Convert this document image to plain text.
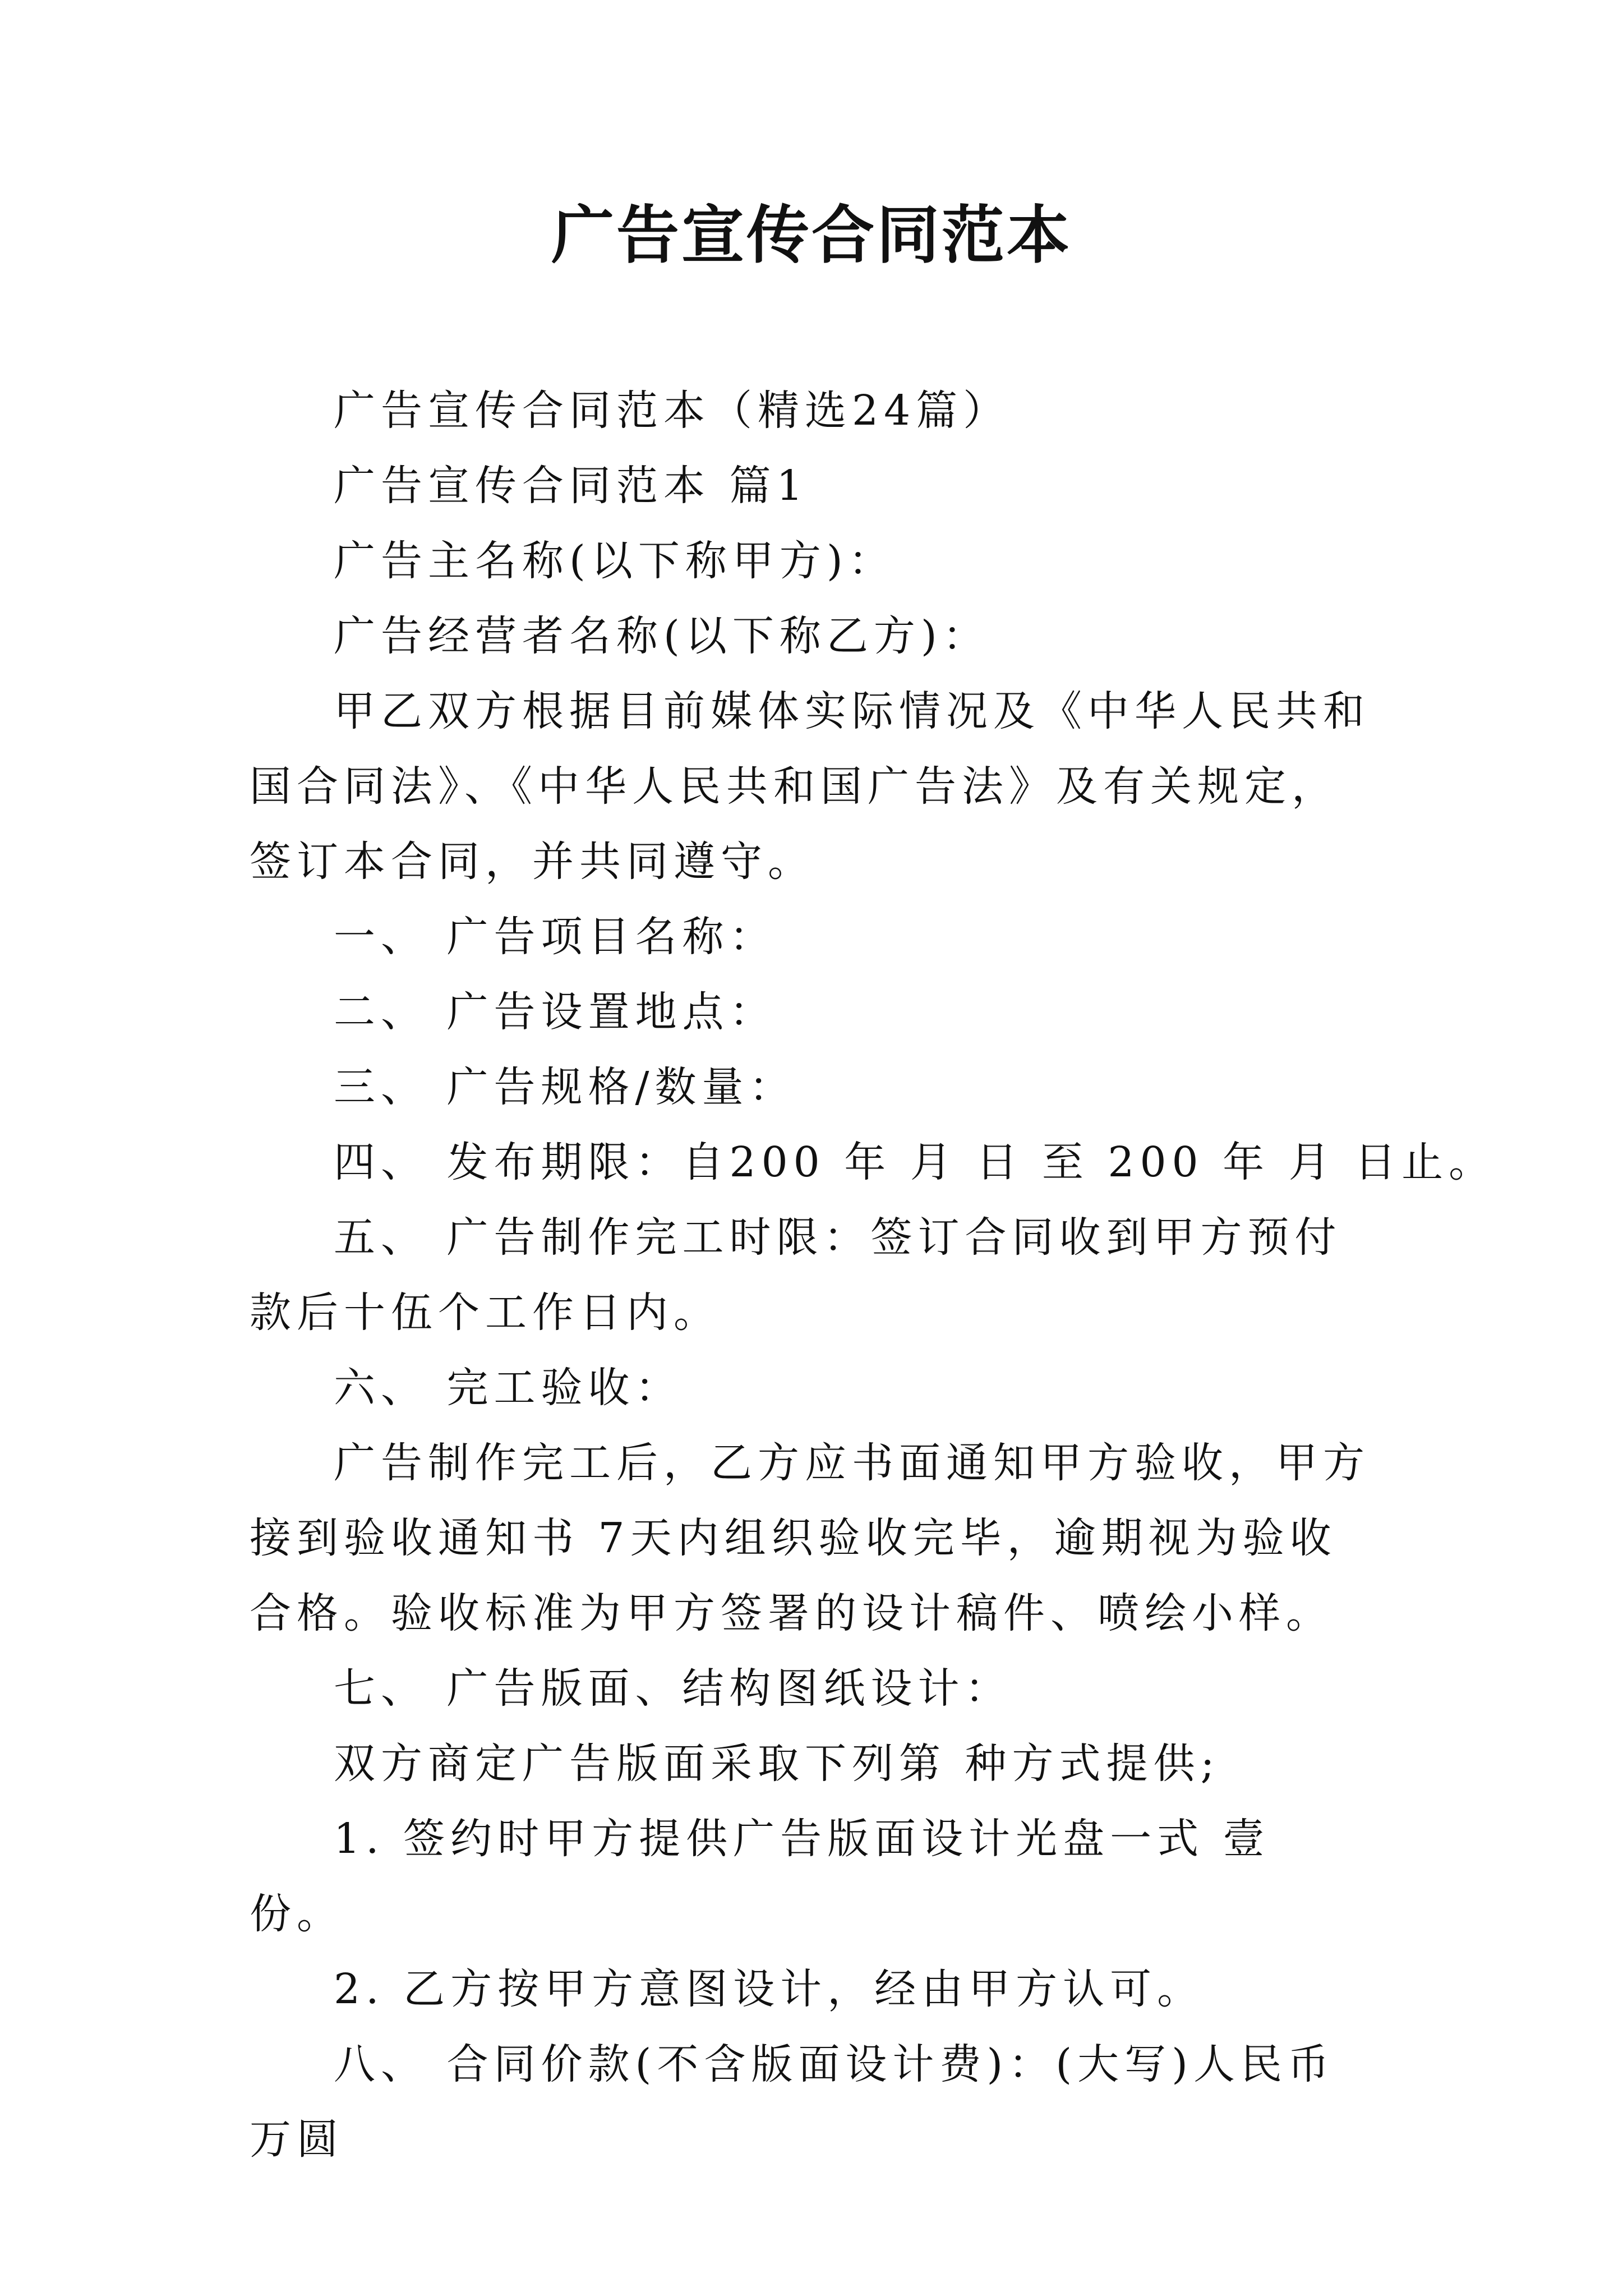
广告宣传合同范本

广告宣传合同范本（精选24篇）

广告宣传合同范本 篇1

广告主名称(以下称甲方)：

广告经营者名称(以下称乙方)：

甲乙双方根据目前媒体实际情况及《中华人民共和国合同法》、《中华人民共和国广告法》及有关规定，签订本合同，并共同遵守。

一、 广告项目名称：

二、 广告设置地点：

三、 广告规格/数量：

四、 发布期限：自200 年 月 日 至 200 年 月 日止。

五、 广告制作完工时限：签订合同收到甲方预付款后十伍个工作日内。

六、 完工验收：

广告制作完工后，乙方应书面通知甲方验收，甲方接到验收通知书 7天内组织验收完毕，逾期视为验收合格。验收标准为甲方签署的设计稿件、喷绘小样。

七、 广告版面、结构图纸设计：

双方商定广告版面采取下列第 种方式提供;

1. 签约时甲方提供广告版面设计光盘一式 壹 份。

2. 乙方按甲方意图设计，经由甲方认可。

八、 合同价款(不含版面设计费)：(大写)人民币 万圆
